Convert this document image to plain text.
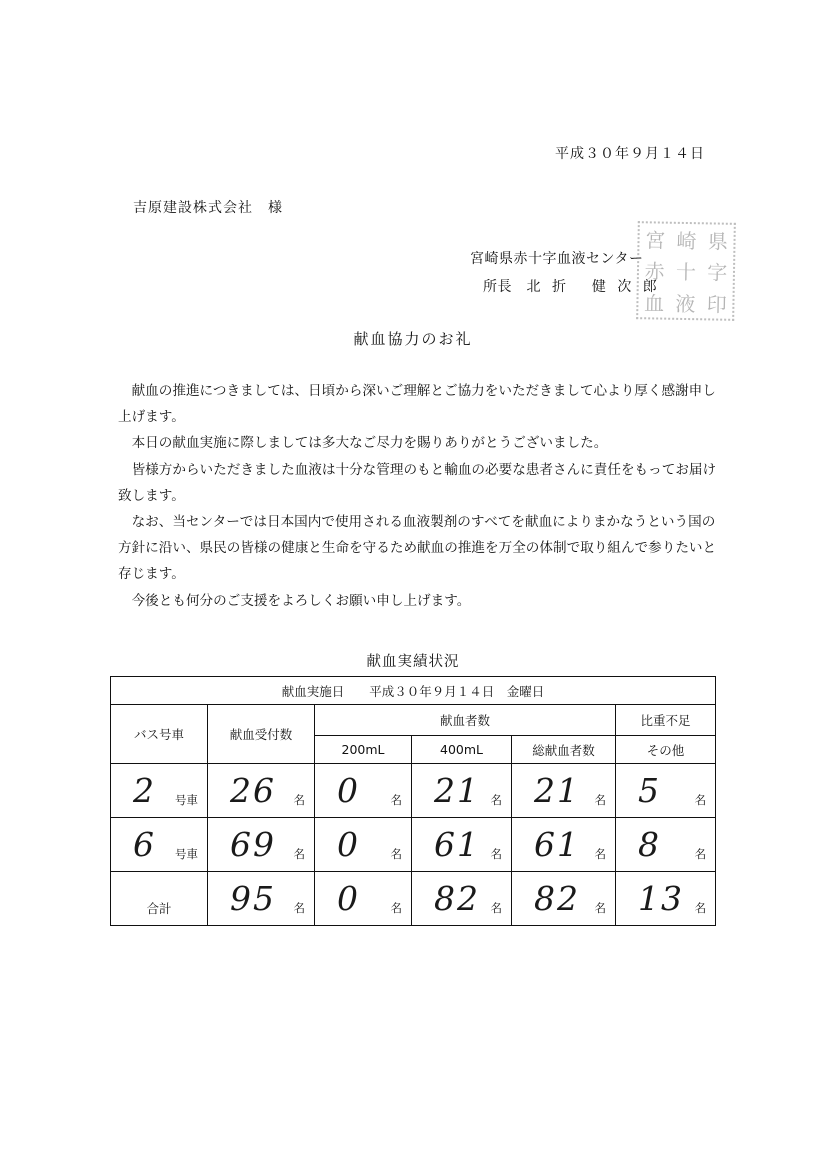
平成３０年９月１４日
吉原建設株式会社　様
宮崎県赤十字血液センター
所長　北 折　 健 次 郎
宮 崎 県
赤 十 字
血 液 印
献血協力のお礼

献血の推進につきましては、日頃から深いご理解とご協力をいただきまして心より厚く感謝申し上げます。

本日の献血実施に際しましては多大なご尽力を賜りありがとうございました。

皆様方からいただきました血液は十分な管理のもと輸血の必要な患者さんに責任をもってお届け致します。

なお、当センターでは日本国内で使用される血液製剤のすべてを献血によりまかなうという国の方針に沿い、県民の皆様の健康と生命を守るため献血の推進を万全の体制で取り組んで参りたいと存じます。

今後とも何分のご支援をよろしくお願い申し上げます。

献血実績状況
献血実施日　　平成３０年９月１４日　金曜日					
バス号車	献血受付数	献血者数			比重不足
		200mL	400mL	総献血者数	その他

2 号車	26 名	0 名	21 名	21 名	5 名

6 号車	69 名	0 名	61 名	61 名	8 名

合計	95 名	0 名	82 名	82 名	13 名
